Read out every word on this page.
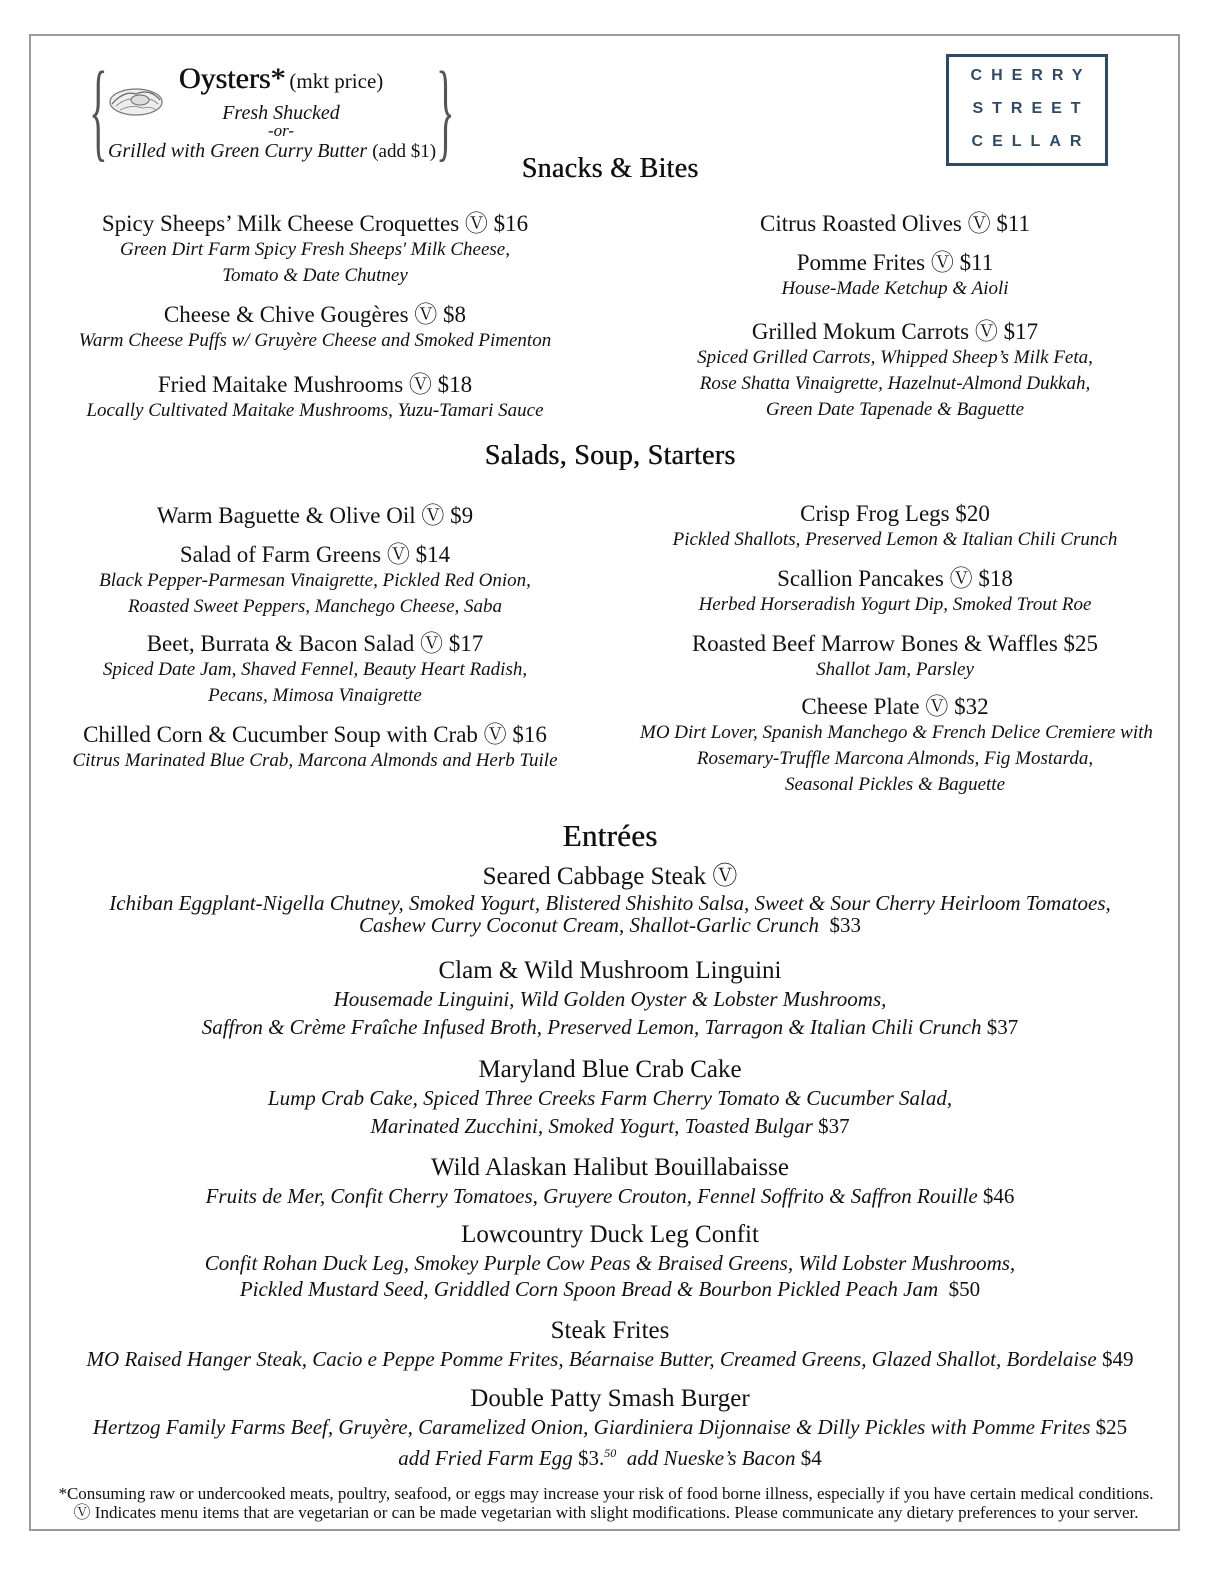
{	}
Oysters* (mkt price)
Fresh Shucked
-or-
Grilled with Green Curry Butter (add $1)
CHERRY
STREET
CELLAR
Snacks & Bites
Spicy Sheeps’ Milk Cheese Croquettes Ⓥ $16
Green Dirt Farm Spicy Fresh Sheeps' Milk Cheese,
Tomato & Date Chutney
Cheese & Chive Gougères Ⓥ $8
Warm Cheese Puffs w/ Gruyère Cheese and Smoked Pimenton
Fried Maitake Mushrooms Ⓥ $18
Locally Cultivated Maitake Mushrooms, Yuzu-Tamari Sauce
Citrus Roasted Olives Ⓥ $11
Pomme Frites Ⓥ $11
House-Made Ketchup & Aioli
Grilled Mokum Carrots Ⓥ $17
Spiced Grilled Carrots, Whipped Sheep’s Milk Feta,
Rose Shatta Vinaigrette, Hazelnut-Almond Dukkah,
Green Date Tapenade & Baguette
Salads, Soup, Starters
Warm Baguette & Olive Oil Ⓥ $9
Salad of Farm Greens Ⓥ $14
Black Pepper-Parmesan Vinaigrette, Pickled Red Onion,
Roasted Sweet Peppers, Manchego Cheese, Saba
Beet, Burrata & Bacon Salad Ⓥ $17
Spiced Date Jam, Shaved Fennel, Beauty Heart Radish,
Pecans, Mimosa Vinaigrette
Chilled Corn & Cucumber Soup with Crab Ⓥ $16
Citrus Marinated Blue Crab, Marcona Almonds and Herb Tuile
Crisp Frog Legs $20
Pickled Shallots, Preserved Lemon & Italian Chili Crunch
Scallion Pancakes Ⓥ $18
Herbed Horseradish Yogurt Dip, Smoked Trout Roe
Roasted Beef Marrow Bones & Waffles $25
Shallot Jam, Parsley
Cheese Plate Ⓥ $32
MO Dirt Lover, Spanish Manchego & French Delice Cremiere with
Rosemary-Truffle Marcona Almonds, Fig Mostarda,
Seasonal Pickles & Baguette
Entrées
Seared Cabbage Steak Ⓥ
Ichiban Eggplant-Nigella Chutney, Smoked Yogurt, Blistered Shishito Salsa, Sweet & Sour Cherry Heirloom Tomatoes,
Cashew Curry Coconut Cream, Shallot-Garlic Crunch $33
Clam & Wild Mushroom Linguini
Housemade Linguini, Wild Golden Oyster & Lobster Mushrooms,
Saffron & Crème Fraîche Infused Broth, Preserved Lemon, Tarragon & Italian Chili Crunch $37
Maryland Blue Crab Cake
Lump Crab Cake, Spiced Three Creeks Farm Cherry Tomato & Cucumber Salad,
Marinated Zucchini, Smoked Yogurt, Toasted Bulgar $37
Wild Alaskan Halibut Bouillabaisse
Fruits de Mer, Confit Cherry Tomatoes, Gruyere Crouton, Fennel Soffrito & Saffron Rouille $46
Lowcountry Duck Leg Confit
Confit Rohan Duck Leg, Smokey Purple Cow Peas & Braised Greens, Wild Lobster Mushrooms,
Pickled Mustard Seed, Griddled Corn Spoon Bread & Bourbon Pickled Peach Jam $50
Steak Frites
MO Raised Hanger Steak, Cacio e Peppe Pomme Frites, Béarnaise Butter, Creamed Greens, Glazed Shallot, Bordelaise $49
Double Patty Smash Burger
Hertzog Family Farms Beef, Gruyère, Caramelized Onion, Giardiniera Dijonnaise & Dilly Pickles with Pomme Frites $25
add Fried Farm Egg $3.50 add Nueske’s Bacon $4
*Consuming raw or undercooked meats, poultry, seafood, or eggs may increase your risk of food borne illness, especially if you have certain medical conditions.
Ⓥ Indicates menu items that are vegetarian or can be made vegetarian with slight modifications. Please communicate any dietary preferences to your server.
